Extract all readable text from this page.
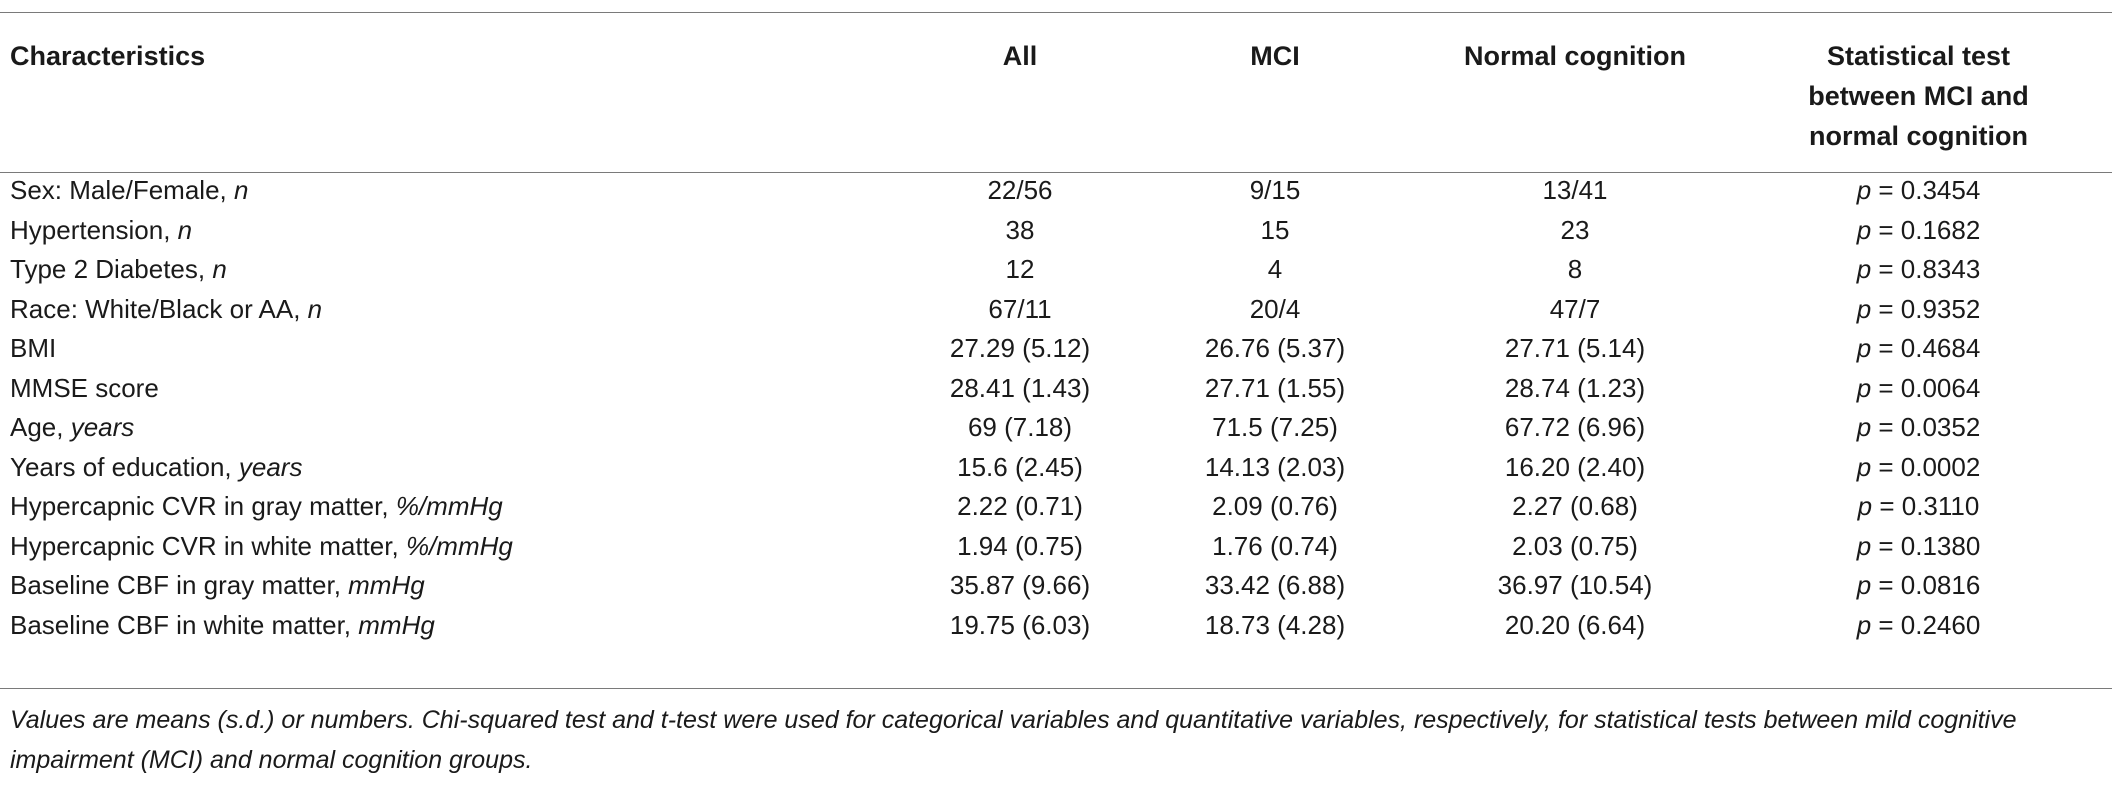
Characteristics	All	MCI	Normal cognition	Statistical test
between MCI and
normal cognition
Sex: Male/Female, n	22/56	9/15	13/41	p = 0.3454
Hypertension, n	38	15	23	p = 0.1682
Type 2 Diabetes, n	12	4	8	p = 0.8343
Race: White/Black or AA, n	67/11	20/4	47/7	p = 0.9352
BMI	27.29 (5.12)	26.76 (5.37)	27.71 (5.14)	p = 0.4684
MMSE score	28.41 (1.43)	27.71 (1.55)	28.74 (1.23)	p = 0.0064
Age, years	69 (7.18)	71.5 (7.25)	67.72 (6.96)	p = 0.0352
Years of education, years	15.6 (2.45)	14.13 (2.03)	16.20 (2.40)	p = 0.0002
Hypercapnic CVR in gray matter, %/mmHg	2.22 (0.71)	2.09 (0.76)	2.27 (0.68)	p = 0.3110
Hypercapnic CVR in white matter, %/mmHg	1.94 (0.75)	1.76 (0.74)	2.03 (0.75)	p = 0.1380
Baseline CBF in gray matter, mmHg	35.87 (9.66)	33.42 (6.88)	36.97 (10.54)	p = 0.0816
Baseline CBF in white matter, mmHg	19.75 (6.03)	18.73 (4.28)	20.20 (6.64)	p = 0.2460
Values are means (s.d.) or numbers. Chi-squared test and t-test were used for categorical variables and quantitative variables, respectively, for statistical tests between mild cognitive impairment (MCI) and normal cognition groups.
